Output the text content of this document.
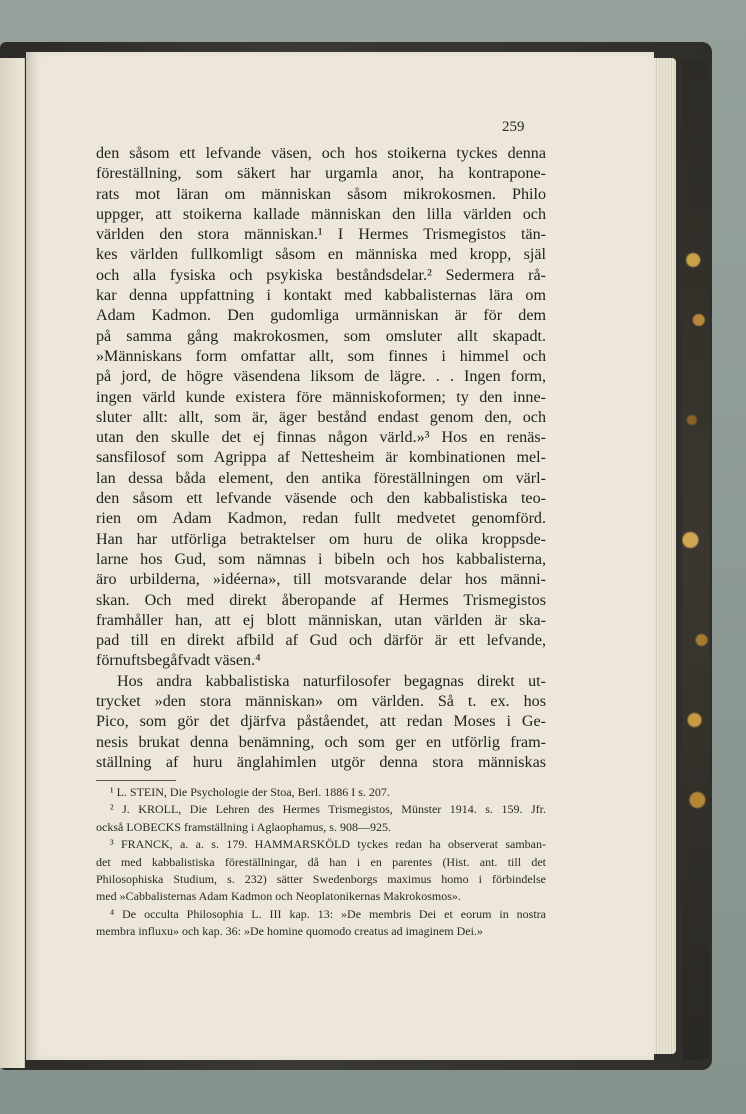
259

den såsom ett lefvande väsen, och hos stoikerna tyckes denna
föreställning, som säkert har urgamla anor, ha kontrapone-
rats mot läran om människan såsom mikrokosmen. Philo
uppger, att stoikerna kallade människan den lilla världen och
världen den stora människan.¹ I Hermes Trismegistos tän-
kes världen fullkomligt såsom en människa med kropp, själ
och alla fysiska och psykiska beståndsdelar.² Sedermera rå-
kar denna uppfattning i kontakt med kabbalisternas lära om
Adam Kadmon. Den gudomliga urmänniskan är för dem
på samma gång makrokosmen, som omsluter allt skapadt.
»Människans form omfattar allt, som finnes i himmel och
på jord, de högre väsendena liksom de lägre. . . Ingen form,
ingen värld kunde existera före människoformen; ty den inne-
sluter allt: allt, som är, äger bestånd endast genom den, och
utan den skulle det ej finnas någon värld.»³ Hos en renäs-
sansfilosof som Agrippa af Nettesheim är kombinationen mel-
lan dessa båda element, den antika föreställningen om värl-
den såsom ett lefvande väsende och den kabbalistiska teo-
rien om Adam Kadmon, redan fullt medvetet genomförd.
Han har utförliga betraktelser om huru de olika kroppsde-
larne hos Gud, som nämnas i bibeln och hos kabbalisterna,
äro urbilderna, »idéerna», till motsvarande delar hos männi-
skan. Och med direkt åberopande af Hermes Trismegistos
framhåller han, att ej blott människan, utan världen är ska-
pad till en direkt afbild af Gud och därför är ett lefvande,
förnuftsbegåfvadt väsen.⁴
Hos andra kabbalistiska naturfilosofer begagnas direkt ut-
trycket »den stora människan» om världen. Så t. ex. hos
Pico, som gör det djärfva påståendet, att redan Moses i Ge-
nesis brukat denna benämning, och som ger en utförlig fram-
ställning af huru änglahimlen utgör denna stora människas

¹ L. STEIN, Die Psychologie der Stoa, Berl. 1886 I s. 207.
² J. KROLL, Die Lehren des Hermes Trismegistos, Münster 1914. s. 159. Jfr.
också LOBECKS framställning i Aglaophamus, s. 908—925.
³ FRANCK, a. a. s. 179. HAMMARSKÖLD tyckes redan ha observerat samban-
det med kabbalistiska föreställningar, då han i en parentes (Hist. ant. till det
Philosophiska Studium, s. 232) sätter Swedenborgs maximus homo i förbindelse
med »Cabbalisternas Adam Kadmon och Neoplatonikernas Makrokosmos».
⁴ De occulta Philosophia L. III kap. 13: »De membris Dei et eorum in nostra
membra influxu» och kap. 36: »De homine quomodo creatus ad imaginem Dei.»
